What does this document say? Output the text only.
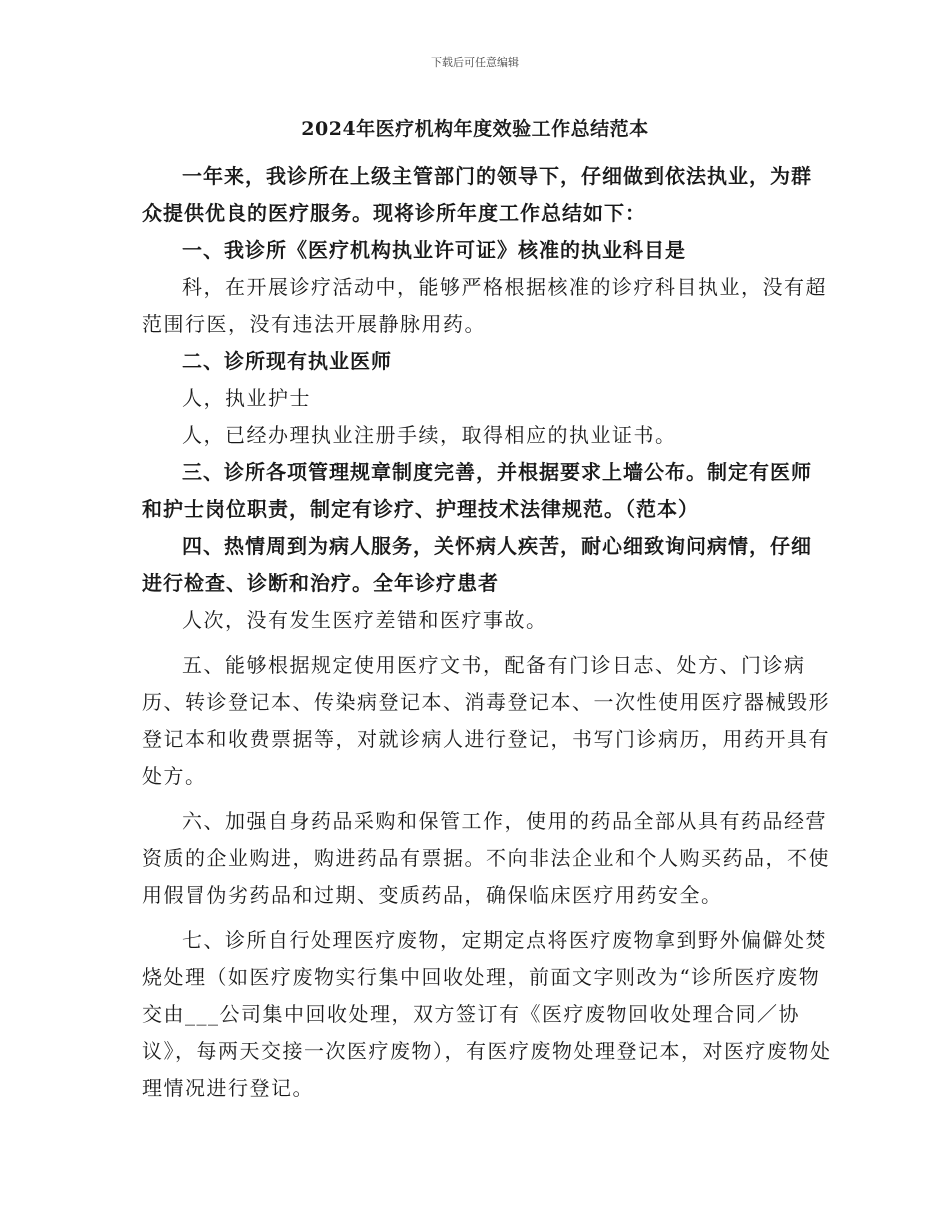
下载后可任意编辑
2024年医疗机构年度效验工作总结范本

一年来，我诊所在上级主管部门的领导下，仔细做到依法执业，为群众提供优良的医疗服务。现将诊所年度工作总结如下：

一、我诊所《医疗机构执业许可证》核准的执业科目是

科，在开展诊疗活动中，能够严格根据核准的诊疗科目执业，没有超范围行医，没有违法开展静脉用药。

二、诊所现有执业医师

人，执业护士

人，已经办理执业注册手续，取得相应的执业证书。

三、诊所各项管理规章制度完善，并根据要求上墙公布。制定有医师和护士岗位职责，制定有诊疗、护理技术法律规范。（范本）

四、热情周到为病人服务，关怀病人疾苦，耐心细致询问病情，仔细进行检查、诊断和治疗。全年诊疗患者

人次，没有发生医疗差错和医疗事故。

五、能够根据规定使用医疗文书，配备有门诊日志、处方、门诊病历、转诊登记本、传染病登记本、消毒登记本、一次性使用医疗器械毁形登记本和收费票据等，对就诊病人进行登记，书写门诊病历，用药开具有处方。

六、加强自身药品采购和保管工作，使用的药品全部从具有药品经营资质的企业购进，购进药品有票据。不向非法企业和个人购买药品，不使用假冒伪劣药品和过期、变质药品，确保临床医疗用药安全。

七、诊所自行处理医疗废物，定期定点将医疗废物拿到野外偏僻处焚烧处理（如医疗废物实行集中回收处理，前面文字则改为“诊所医疗废物交由___公司集中回收处理，双方签订有《医疗废物回收处理合同／协议》，每两天交接一次医疗废物），有医疗废物处理登记本，对医疗废物处理情况进行登记。
